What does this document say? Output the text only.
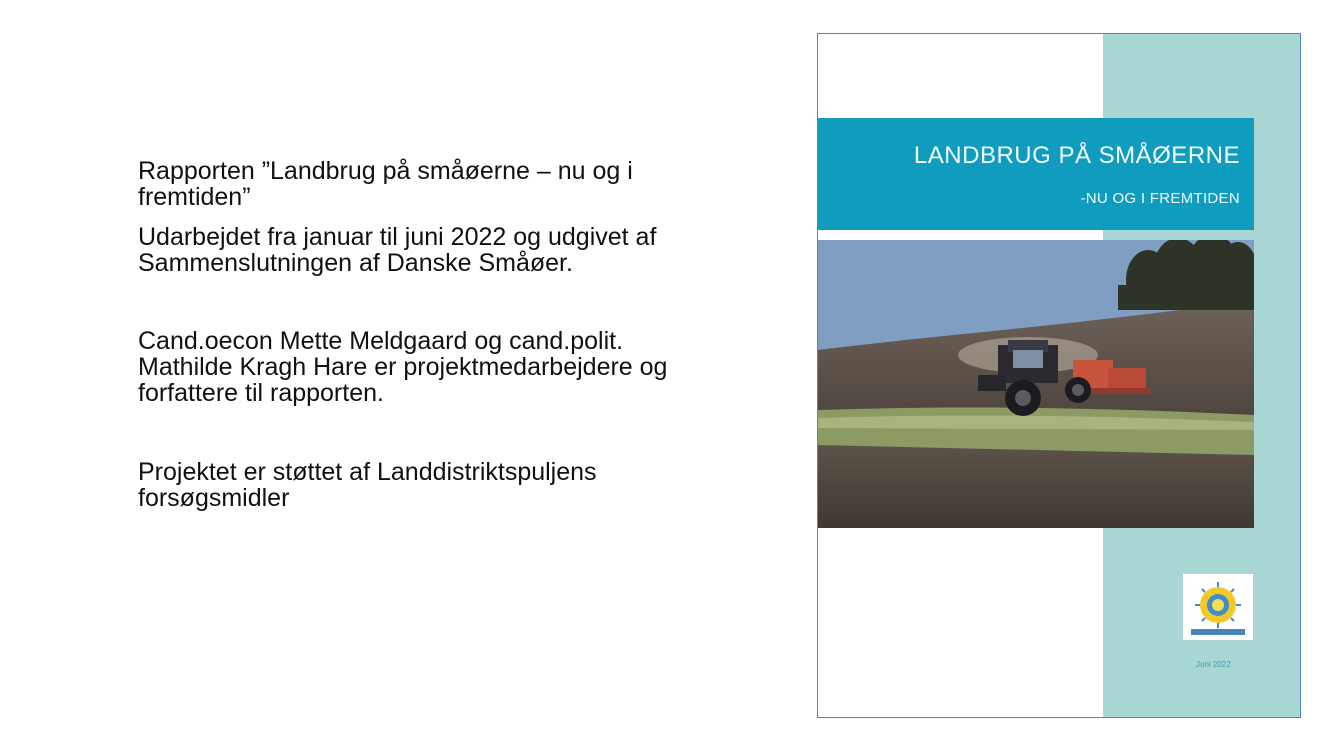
Rapporten ”Landbrug på småøerne – nu og i
fremtiden”

Udarbejdet fra januar til juni 2022 og udgivet af
Sammenslutningen af Danske Småøer.

Cand.oecon Mette Meldgaard og cand.polit.
Mathilde Kragh Hare er projektmedarbejdere og
forfattere til rapporten.

Projektet er støttet af Landdistriktspuljens
forsøgsmidler

LANDBRUG PÅ SMÅØERNE
-NU OG I FREMTIDEN
Juni 2022
